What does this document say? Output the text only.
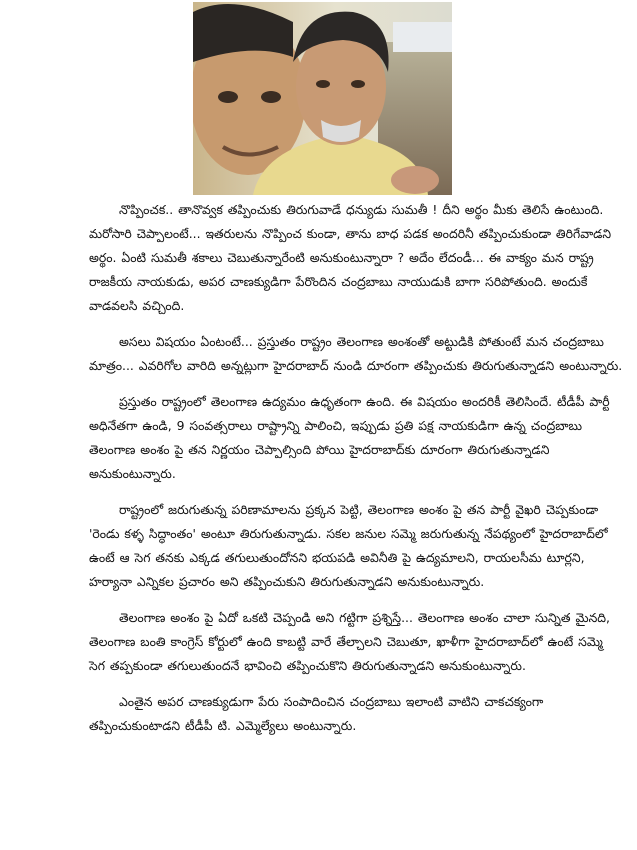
నొప్పించక.. తానొవ్వక తప్పించుకు తిరుగువాడే ధన్యుడు సుమతీ ! దీని అర్థం మీకు తెలిసే ఉంటుంది. మరోసారి చెప్పాలంటే... ఇతరులను నొప్పించ కుండా, తాను బాధ పడక అందరినీ తప్పించుకుండా తిరిగేవాడని అర్థం. ఏంటి సుమతీ శకాలు చెబుతున్నారేంటి అనుకుంటున్నారా ? అదేం లేదండీ... ఈ వాక్యం మన రాష్ట్ర రాజకీయ నాయకుడు, అపర చాణక్యుడిగా పేరొందిన చంద్రబాబు నాయుడుకి బాగా సరిపోతుంది. అందుకే వాడవలసి వచ్చింది.

అసలు విషయం ఏంటంటే... ప్రస్తుతం రాష్ట్రం తెలంగాణ అంశంతో అట్టుడికి పోతుంటే మన చంద్రబాబు మాత్రం... ఎవరిగోల వారిది అన్నట్లుగా హైదరాబాద్ నుండి దూరంగా తప్పించుకు తిరుగుతున్నాడని అంటున్నారు.

ప్రస్తుతం రాష్ట్రంలో తెలంగాణ ఉద్యమం ఉధృతంగా ఉంది. ఈ విషయం అందరికీ తెలిసిందే. టీడీపీ పార్టీ అధినేతగా ఉండి, 9 సంవత్సరాలు రాష్ట్రాన్ని పాలించి, ఇప్పుడు ప్రతి పక్ష నాయకుడిగా ఉన్న చంద్రబాబు తెలంగాణ అంశం పై తన నిర్ణయం చెప్పాల్సింది పోయి హైదరాబాద్‌కు దూరంగా తిరుగుతున్నాడని అనుకుంటున్నారు.

రాష్ట్రంలో జరుగుతున్న పరిణామాలను ప్రక్కన పెట్టి, తెలంగాణ అంశం పై తన పార్టీ వైఖరి చెప్పకుండా 'రెండు కళ్ళ సిద్ధాంతం' అంటూ తిరుగుతున్నాడు. సకల జనుల సమ్మె జరుగుతున్న నేపథ్యంలో హైదరాబాద్‌లో ఉంటే ఆ సెగ తనకు ఎక్కడ తగులుతుందోనని భయపడి అవినీతి పై ఉద్యమాలని, రాయలసీమ టూర్లని, హర్యానా ఎన్నికల ప్రచారం అని తప్పించుకుని తిరుగుతున్నాడని అనుకుంటున్నారు.

తెలంగాణ అంశం పై ఏదో ఒకటి చెప్పండి అని గట్టిగా ప్రశ్నిస్తే... తెలంగాణ అంశం చాలా సున్నిత మైనది, తెలంగాణ బంతి కాంగ్రెస్ కోర్టులో ఉంది కాబట్టి వారే తేల్చాలని చెబుతూ, ఖాళీగా హైదరాబాద్‌లో ఉంటే సమ్మె సెగ తప్పకుండా తగులుతుందనే భావించి తప్పించుకొని తిరుగుతున్నాడని అనుకుంటున్నారు.

ఎంతైన అపర చాణక్యుడుగా పేరు సంపాదించిన చంద్రబాబు ఇలాంటి వాటిని చాకచక్యంగా తప్పించుకుంటాడని టీడీపీ టి. ఎమ్మెల్యేలు అంటున్నారు.
